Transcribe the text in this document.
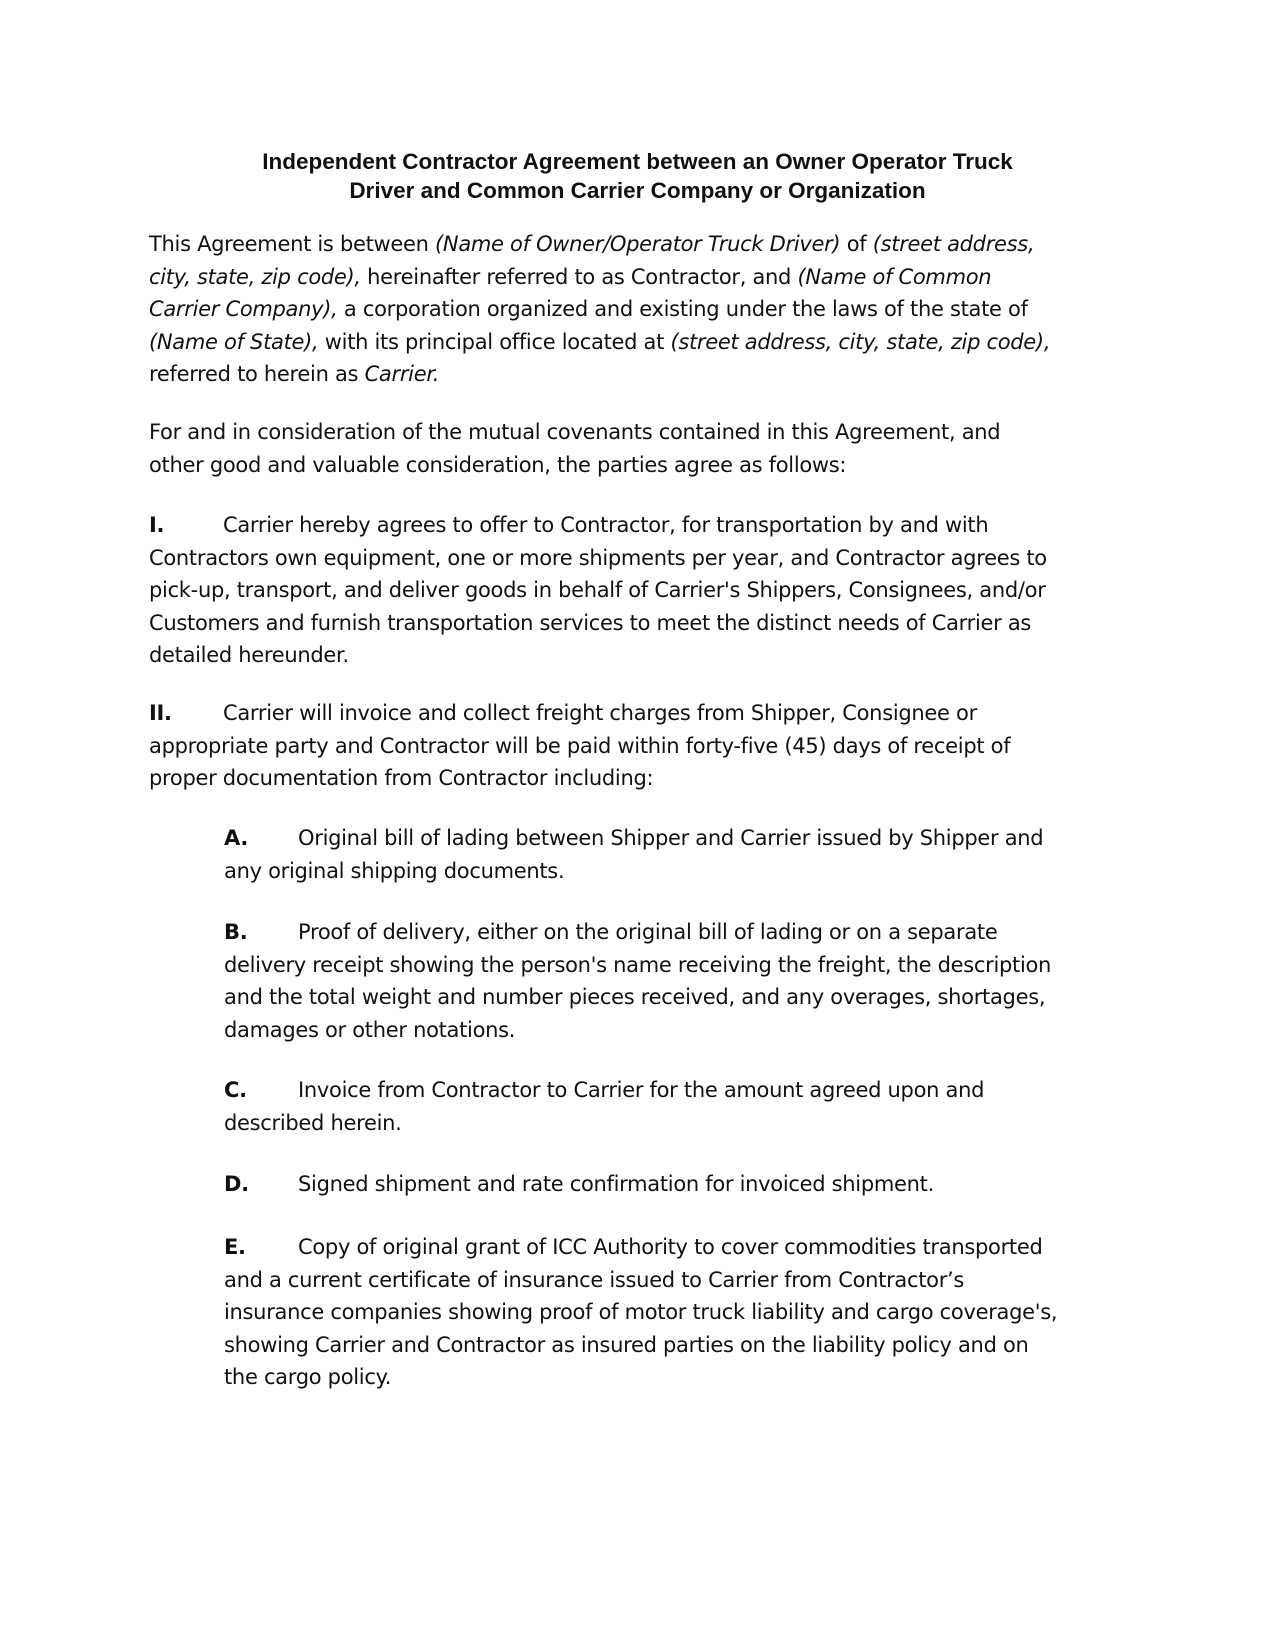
Independent Contractor Agreement between an Owner Operator Truck
Driver and Common Carrier Company or Organization
This Agreement is between (Name of Owner/Operator Truck Driver) of (street address,
city, state, zip code), hereinafter referred to as Contractor, and (Name of Common
Carrier Company), a corporation organized and existing under the laws of the state of
(Name of State), with its principal office located at (street address, city, state, zip code),
referred to herein as Carrier.
For and in consideration of the mutual covenants contained in this Agreement, and
other good and valuable consideration, the parties agree as follows:
I.	Carrier hereby agrees to offer to Contractor, for transportation by and with
Contractors own equipment, one or more shipments per year, and Contractor agrees to
pick-up, transport, and deliver goods in behalf of Carrier's Shippers, Consignees, and/or
Customers and furnish transportation services to meet the distinct needs of Carrier as
detailed hereunder.
II. Carrier will invoice and collect freight charges from Shipper, Consignee or
appropriate party and Contractor will be paid within forty-five (45) days of receipt of
proper documentation from Contractor including:
A. Original bill of lading between Shipper and Carrier issued by Shipper and
any original shipping documents.
B. Proof of delivery, either on the original bill of lading or on a separate
delivery receipt showing the person's name receiving the freight, the description
and the total weight and number pieces received, and any overages, shortages,
damages or other notations.
C. Invoice from Contractor to Carrier for the amount agreed upon and
described herein.
D. Signed shipment and rate confirmation for invoiced shipment.
E. Copy of original grant of ICC Authority to cover commodities transported
and a current certificate of insurance issued to Carrier from Contractor’s
insurance companies showing proof of motor truck liability and cargo coverage's,
showing Carrier and Contractor as insured parties on the liability policy and on
the cargo policy.
